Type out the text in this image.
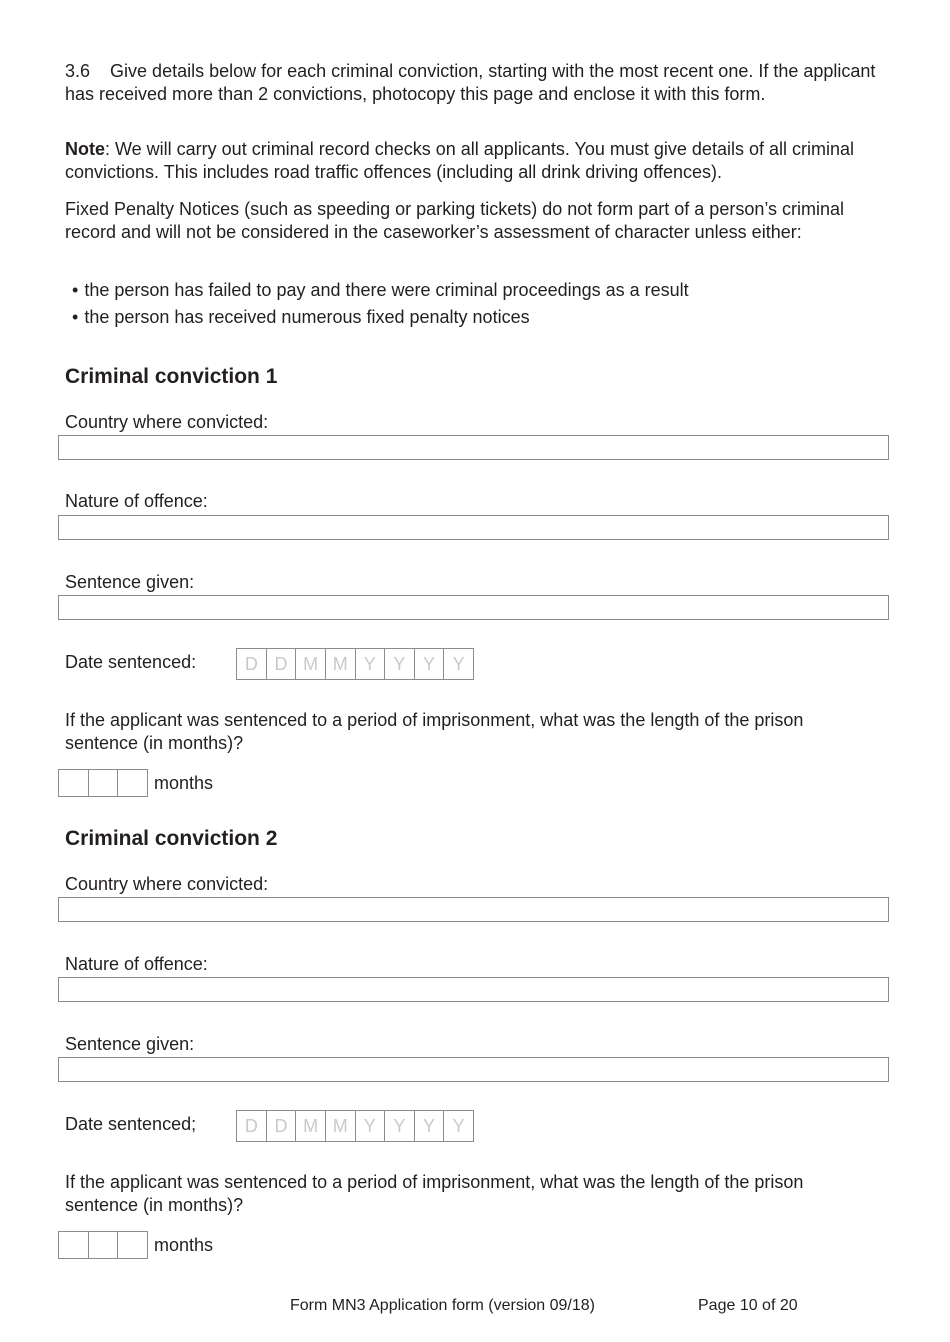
3.6 Give details below for each criminal conviction, starting with the most recent one. If the applicant has received more than 2 convictions, photocopy this page and enclose it with this form.

Note: We will carry out criminal record checks on all applicants. You must give details of all criminal convictions. This includes road traffic offences (including all drink driving offences).

Fixed Penalty Notices (such as speeding or parking tickets) do not form part of a person’s criminal record and will not be considered in the caseworker’s assessment of character unless either:

• the person has failed to pay and there were criminal proceedings as a result
• the person has received numerous fixed penalty notices
Criminal conviction 1

Country where convicted:

Nature of offence:

Sentence given:

Date sentenced:	D D M M Y Y Y Y

If the applicant was sentenced to a period of imprisonment, what was the length of the prison sentence (in months)?

months

Criminal conviction 2

Country where convicted:

Nature of offence:

Sentence given:

Date sentenced;	D D M M Y Y Y Y

If the applicant was sentenced to a period of imprisonment, what was the length of the prison sentence (in months)?

months

Form MN3 Application form (version 09/18)	Page 10 of 20
